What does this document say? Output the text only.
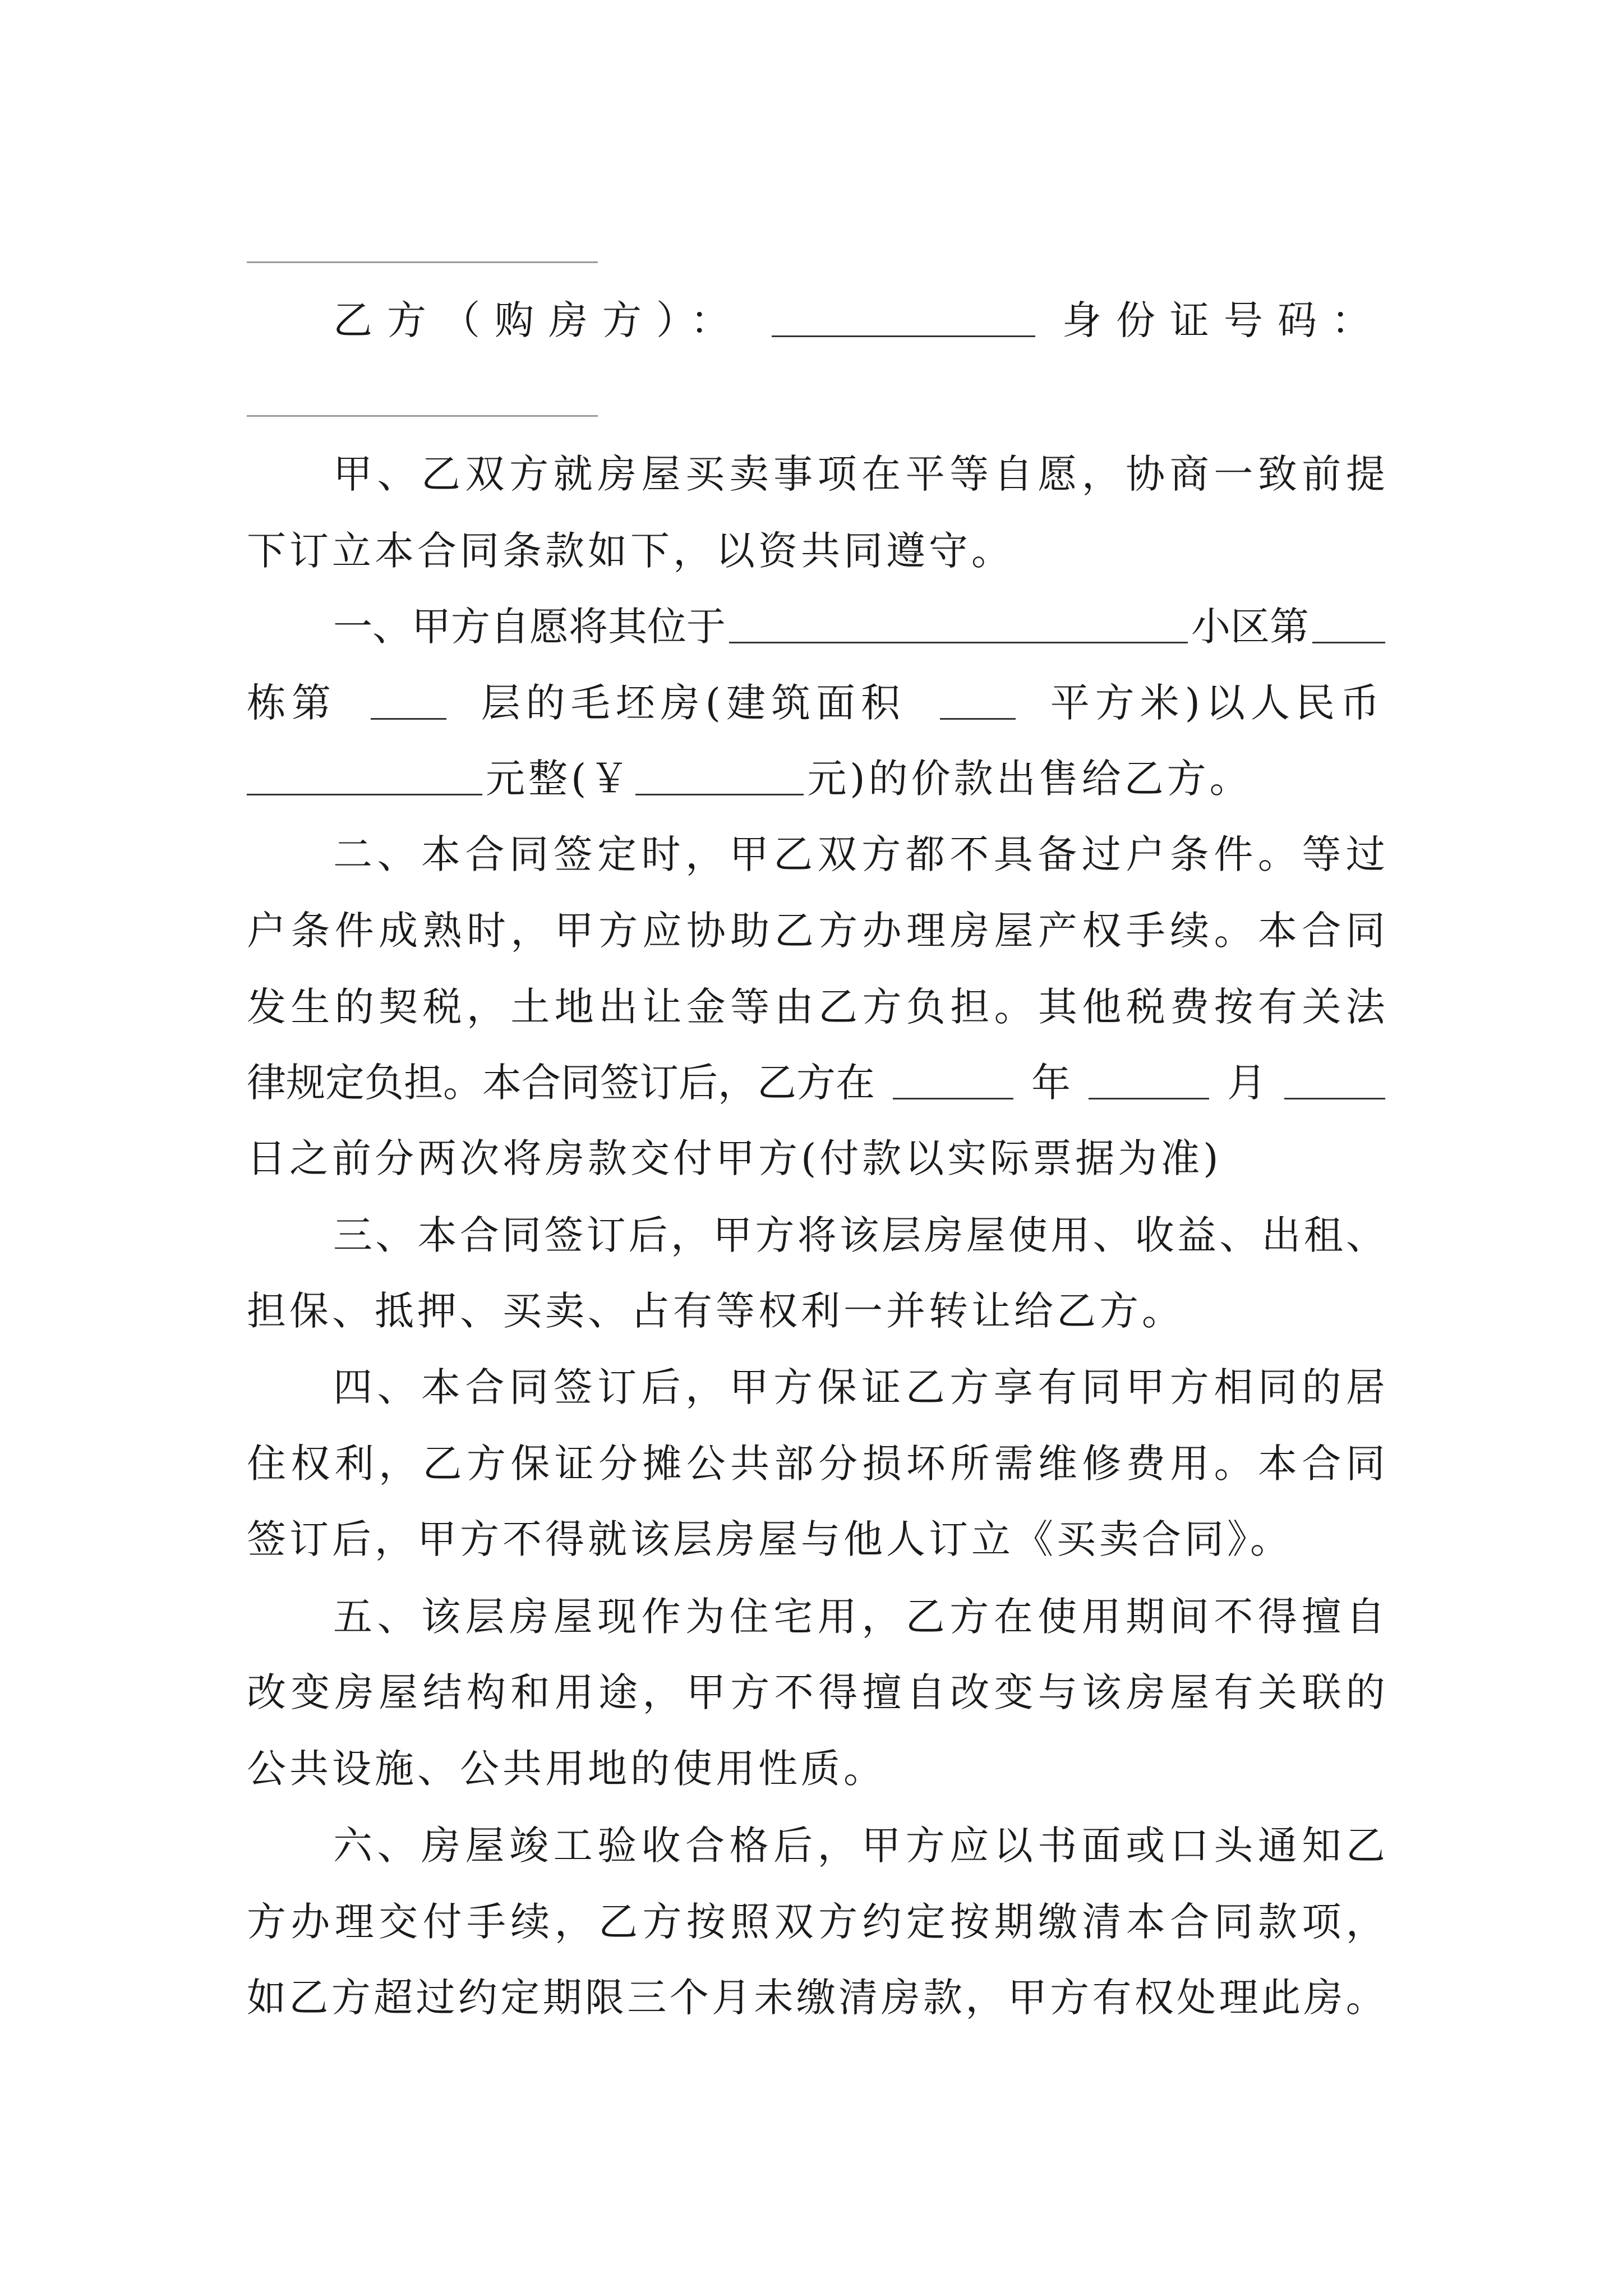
乙方（购房方）：	身份证号码：
甲 、 乙 双 方 就 房 屋 买 卖 事 项 在 平 等 自 愿 ， 协 商 一 致 前 提
下订立本合同条款如下，以资共同遵守。
一、甲方自愿将其位于	小区第
栋第	层的毛坯房(建筑面积	平方米)以人民币
元整(￥	元)的价款出售给乙方。
二 、 本 合 同 签 定 时 ， 甲 乙 双 方 都 不 具 备 过 户 条 件 。 等 过
户 条 件 成 熟 时 ， 甲 方 应 协 助 乙 方 办 理 房 屋 产 权 手 续 。 本 合 同
发 生 的 契 税 ， 土 地 出 让 金 等 由 乙 方 负 担 。 其 他 税 费 按 有 关 法
律规定负担。本合同签订后，乙方在	年	月
日之前分两次将房款交付甲方(付款以实际票据为准)
三 、 本 合 同 签 订 后 ， 甲 方 将 该 层 房 屋 使 用 、 收 益 、 出 租 、
担保、抵押、买卖、占有等权利一并转让给乙方。
四 、 本 合 同 签 订 后 ， 甲 方 保 证 乙 方 享 有 同 甲 方 相 同 的 居
住 权 利 ， 乙 方 保 证 分 摊 公 共 部 分 损 坏 所 需 维 修 费 用 。 本 合 同
签订后，甲方不得就该层房屋与他人订立《买卖合同》。
五 、 该 层 房 屋 现 作 为 住 宅 用 ， 乙 方 在 使 用 期 间 不 得 擅 自
改 变 房 屋 结 构 和 用 途 ， 甲 方 不 得 擅 自 改 变 与 该 房 屋 有 关 联 的
公共设施、公共用地的使用性质。
六 、 房 屋 竣 工 验 收 合 格 后 ， 甲 方 应 以 书 面 或 口 头 通 知 乙
方 办 理 交 付 手 续 ， 乙 方 按 照 双 方 约 定 按 期 缴 清 本 合 同 款 项 ，
如 乙 方 超 过 约 定 期 限 三 个 月 未 缴 清 房 款 ， 甲 方 有 权 处 理 此 房 。
